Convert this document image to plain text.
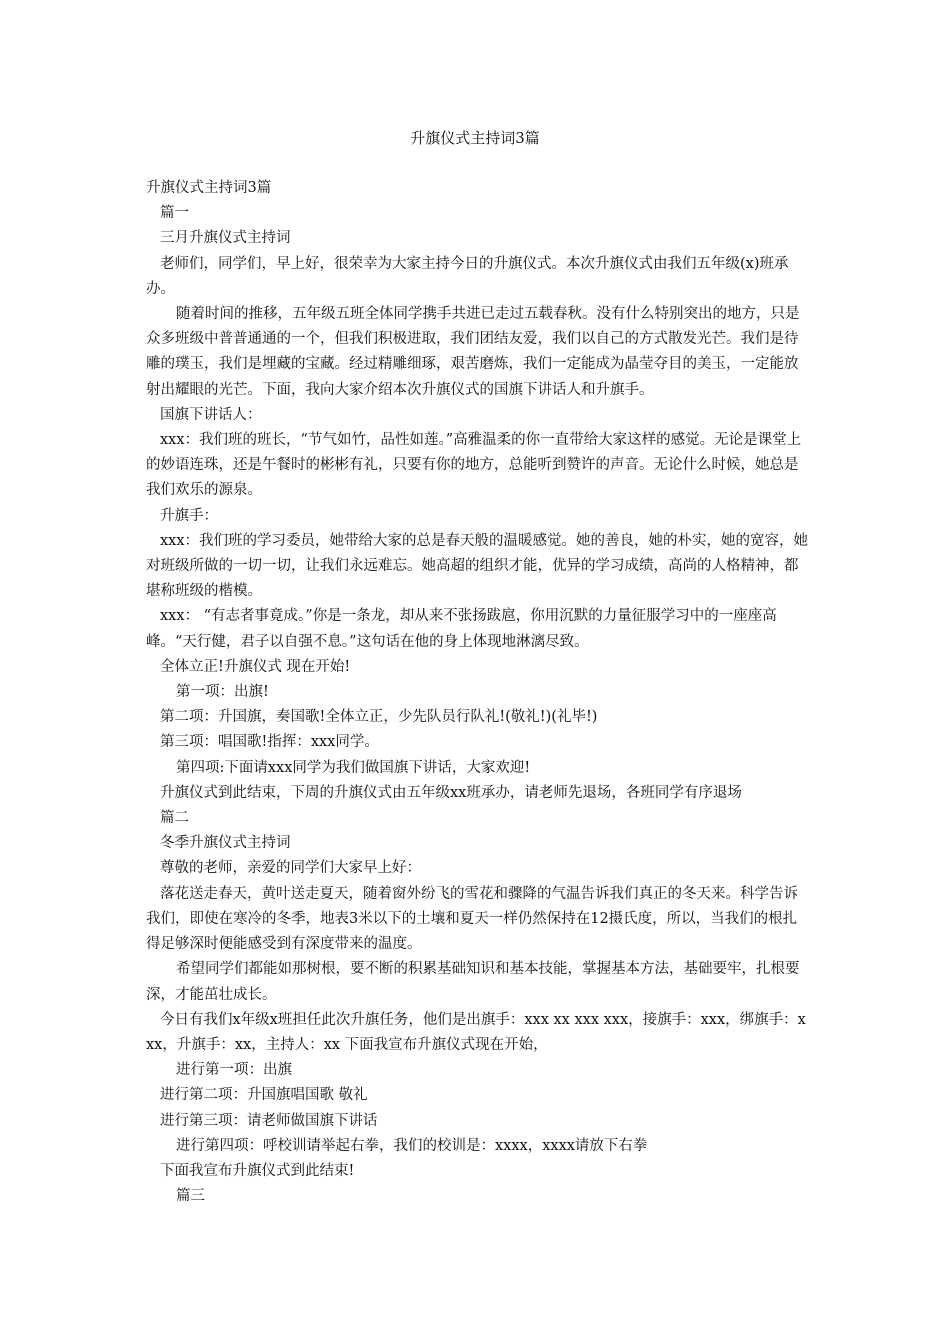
升旗仪式主持词3篇

升旗仪式主持词3篇

篇一

三月升旗仪式主持词

老师们，同学们，早上好，很荣幸为大家主持今日的升旗仪式。本次升旗仪式由我们五年级(x)班承办。

随着时间的推移，五年级五班全体同学携手共进已走过五载春秋。没有什么特别突出的地方，只是众多班级中普普通通的一个，但我们积极进取，我们团结友爱，我们以自己的方式散发光芒。我们是待雕的璞玉，我们是埋藏的宝藏。经过精雕细琢，艰苦磨炼，我们一定能成为晶莹夺目的美玉，一定能放射出耀眼的光芒。下面，我向大家介绍本次升旗仪式的国旗下讲话人和升旗手。

国旗下讲话人：

xxx：我们班的班长，“节气如竹，品性如莲。”高雅温柔的你一直带给大家这样的感觉。无论是课堂上的妙语连珠，还是午餐时的彬彬有礼，只要有你的地方，总能听到赞许的声音。无论什么时候，她总是我们欢乐的源泉。

升旗手：

xxx：我们班的学习委员，她带给大家的总是春天般的温暖感觉。她的善良，她的朴实，她的宽容，她对班级所做的一切一切，让我们永远难忘。她高超的组织才能，优异的学习成绩，高尚的人格精神，都堪称班级的楷模。

xxx： “有志者事竟成。”你是一条龙，却从来不张扬跋扈，你用沉默的力量征服学习中的一座座高峰。“天行健，君子以自强不息。”这句话在他的身上体现地淋漓尽致。

全体立正!升旗仪式 现在开始!

第一项：出旗!

第二项：升国旗，奏国歌!全体立正，少先队员行队礼!(敬礼!)(礼毕!)

第三项：唱国歌!指挥：xxx同学。

第四项:下面请xxx同学为我们做国旗下讲话，大家欢迎!

升旗仪式到此结束，下周的升旗仪式由五年级xx班承办，请老师先退场，各班同学有序退场

篇二

冬季升旗仪式主持词

尊敬的老师，亲爱的同学们大家早上好：

落花送走春天，黄叶送走夏天，随着窗外纷飞的雪花和骤降的气温告诉我们真正的冬天来。科学告诉我们，即使在寒冷的冬季，地表3米以下的土壤和夏天一样仍然保持在12摄氏度，所以，当我们的根扎得足够深时便能感受到有深度带来的温度。

希望同学们都能如那树根，要不断的积累基础知识和基本技能，掌握基本方法，基础要牢，扎根要深，才能茁壮成长。

今日有我们x年级x班担任此次升旗任务，他们是出旗手：xxx xx xxx xxx，接旗手：xxx，绑旗手：xxx，升旗手：xx，主持人：xx 下面我宣布升旗仪式现在开始，

进行第一项：出旗

进行第二项：升国旗唱国歌 敬礼

进行第三项：请老师做国旗下讲话

进行第四项：呼校训请举起右拳，我们的校训是：xxxx，xxxx请放下右拳

下面我宣布升旗仪式到此结束!

篇三
